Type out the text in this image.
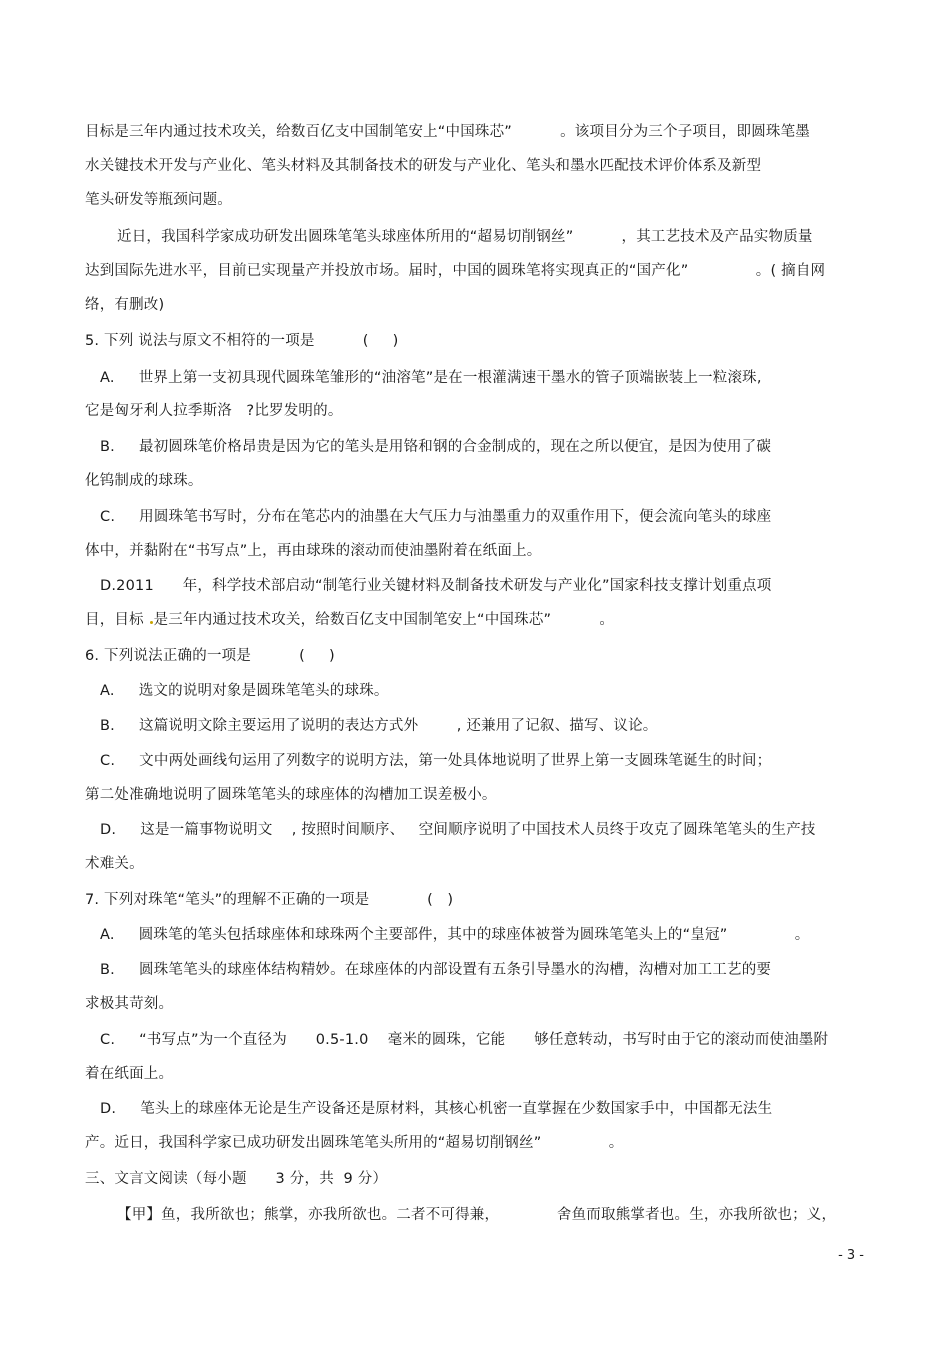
目标是三年内通过技术攻关，给数百亿支中国制笔安上“中国珠芯”          。该项目分为三个子项目，即圆珠笔墨
水关键技术开发与产业化、笔头材料及其制备技术的研发与产业化、笔头和墨水匹配技术评价体系及新型
笔头研发等瓶颈问题。
近日，我国科学家成功研发出圆珠笔笔头球座体所用的“超易切削钢丝”          ，其工艺技术及产品实物质量
达到国际先进水平，目前已实现量产并投放市场。届时，中国的圆珠笔将实现真正的“国产化”              。( 摘自网
络，有删改)
5. 下列 说法与原文不相符的一项是          (     )
A.     世界上第一支初具现代圆珠笔雏形的“油溶笔”是在一根灌满速干墨水的管子顶端嵌装上一粒滚珠,
它是匈牙利人拉季斯洛   ?比罗发明的。
B.     最初圆珠笔价格昂贵是因为它的笔头是用铬和钢的合金制成的，现在之所以便宜，是因为使用了碳
化钨制成的球珠。
C.     用圆珠笔书写时，分布在笔芯内的油墨在大气压力与油墨重力的双重作用下，便会流向笔头的球座
体中，并黏附在“书写点”上，再由球珠的滚动而使油墨附着在纸面上。
D.2011      年，科学技术部启动“制笔行业关键材料及制备技术研发与产业化”国家科技支撑计划重点项
目，目标 是三年内通过技术攻关，给数百亿支中国制笔安上“中国珠芯”          。
6. 下列说法正确的一项是          (     )
A.     选文的说明对象是圆珠笔笔头的球珠。
B.     这篇说明文除主要运用了说明的表达方式外        , 还兼用了记叙、描写、议论。
C.     文中两处画线句运用了列数字的说明方法，第一处具体地说明了世界上第一支圆珠笔诞生的时间；
第二处准确地说明了圆珠笔笔头的球座体的沟槽加工误差极小。
D.     这是一篇事物说明文    , 按照时间顺序、   空间顺序说明了中国技术人员终于攻克了圆珠笔笔头的生产技
术难关。
7. 下列对珠笔“笔头”的理解不正确的一项是            (   )
A.     圆珠笔的笔头包括球座体和球珠两个主要部件，其中的球座体被誉为圆珠笔笔头上的“皇冠”              。
B.     圆珠笔笔头的球座体结构精妙。在球座体的内部设置有五条引导墨水的沟槽，沟槽对加工工艺的要
求极其苛刻。
C.     “书写点”为一个直径为      0.5-1.0    毫米的圆珠，它能      够任意转动，书写时由于它的滚动而使油墨附
着在纸面上。
D.     笔头上的球座体无论是生产设备还是原材料，其核心机密一直掌握在少数国家手中，中国都无法生
产。近日，我国科学家已成功研发出圆珠笔笔头所用的“超易切削钢丝”              。
三、文言文阅读（每小题      3 分，共  9 分）
【甲】鱼，我所欲也；熊掌，亦我所欲也。二者不可得兼，            舍鱼而取熊掌者也。生，亦我所欲也；义，
- 3 -
